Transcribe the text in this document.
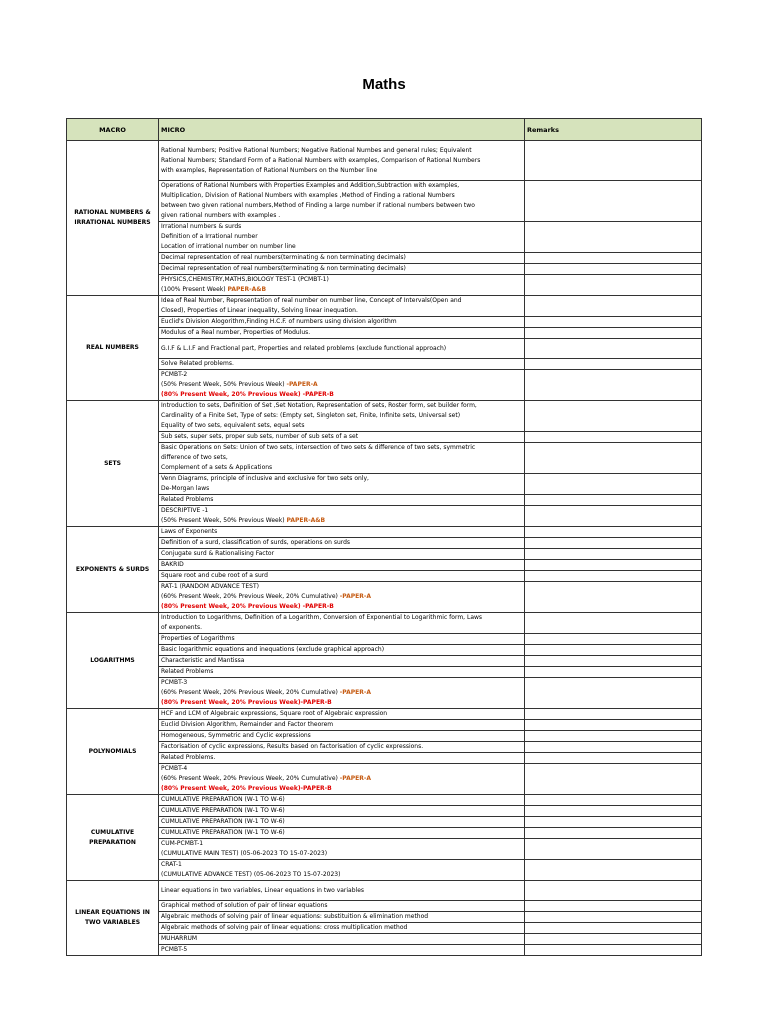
Maths
MACRO	MICRO	Remarks
RATIONAL NUMBERS & IRRATIONAL NUMBERS	Rational Numbers; Positive Rational Numbers; Negative Rational Numbes and general rules; Equivalent
Rational Numbers; Standard Form of a Rational Numbers with examples, Comparison of Rational Numbers
with examples, Representation of Rational Numbers on the Number line	

	Operations of Rational Numbers with Properties Examples and Addition,Subtraction with examples,
Multiplication, Division of Rational Numbers with examples ,Method of Finding a rational Numbers
between two given rational numbers,Method of Finding a large number if rational numbers between two
given rational numbers with examples .	

	Irrational numbers & surds
Definition of a Irrational number
Location of irrational number on number line	

	Decimal representation of real numbers(terminating & non terminating decimals)	

	Decimal representation of real numbers(terminating & non terminating decimals)	

	PHYSICS,CHEMISTRY,MATHS,BIOLOGY TEST-1 (PCMBT-1)
(100% Present Week) PAPER-A&B	

REAL NUMBERS	Idea of Real Number, Representation of real number on number line, Concept of Intervals(Open and
Closed), Properties of Linear inequality, Solving linear inequation.	

	Euclid's Division Alogorithm,Finding H.C.F. of numbers using division algorithm	

	Modulus of a Real number, Properties of Modulus.	

	G.I.F & L.I.F and Fractional part, Properties and related problems (exclude functional approach)	

	Solve Related problems.	

	PCMBT-2
(50% Present Week, 50% Previous Week) -PAPER-A
(80% Present Week, 20% Previous Week) -PAPER-B	

SETS	Introduction to sets, Definition of Set ,Set Notation, Representation of sets, Roster form, set builder form,
Cardinality of a Finite Set, Type of sets: (Empty set, Singleton set, Finite, Infinite sets, Universal set)
Equality of two sets, equivalent sets, equal sets	

	Sub sets, super sets, proper sub sets, number of sub sets of a set	

	Basic Operations on Sets: Union of two sets, intersection of two sets & difference of two sets, symmetric
difference of two sets,
Complement of a sets & Applications	

	Venn Diagrams, principle of inclusive and exclusive for two sets only,
De-Morgan laws	

	Related Problems	

	DESCRIPTIVE -1
(50% Present Week, 50% Previous Week) PAPER-A&B	

EXPONENTS & SURDS	Laws of Exponents	

	Definition of a surd, classification of surds, operations on surds	

	Conjugate surd & Rationalising Factor	

	BAKRID	

	Square root and cube root of a surd	

	RAT-1 (RANDOM ADVANCE TEST)
(60% Present Week, 20% Previous Week, 20% Cumulative) -PAPER-A
(80% Present Week, 20% Previous Week) -PAPER-B	

LOGARITHMS	Introduction to Logarithms, Definition of a Logarithm, Conversion of Exponential to Logarithmic form, Laws
of exponents.	

	Properties of Logarithms	

	Basic logarithmic equations and inequations (exclude graphical approach)	

	Characteristic and Mantissa	

	Related Problems	

	PCMBT-3
(60% Present Week, 20% Previous Week, 20% Cumulative) -PAPER-A
(80% Present Week, 20% Previous Week)-PAPER-B	

POLYNOMIALS	HCF and LCM of Algebraic expressions, Square root of Algebraic expression	

	Euclid Division Algorithm, Remainder and Factor theorem	

	Homogeneous, Symmetric and Cyclic expressions	

	Factorisation of cyclic expressions, Results based on factorisation of cyclic expressions.	

	Related Problems.	

	PCMBT-4
(60% Present Week, 20% Previous Week, 20% Cumulative) -PAPER-A
(80% Present Week, 20% Previous Week)-PAPER-B	

CUMULATIVE PREPARATION	CUMULATIVE PREPARATION (W-1 TO W-6)	

	CUMULATIVE PREPARATION (W-1 TO W-6)	

	CUMULATIVE PREPARATION (W-1 TO W-6)	

	CUMULATIVE PREPARATION (W-1 TO W-6)	

	CUM-PCMBT-1
(CUMULATIVE MAIN TEST) (05-06-2023 TO 15-07-2023)	

	CRAT-1
(CUMULATIVE ADVANCE TEST) (05-06-2023 TO 15-07-2023)	

LINEAR EQUATIONS IN TWO VARIABLES	Linear equations in two variables, Linear equations in two variables	

	Graphical method of solution of pair of linear equations	

	Algebraic methods of solving pair of linear equations: substituition & elimination method	

	Algebraic methods of solving pair of linear equations: cross multiplication method	

	MUHARRUM	

	PCMBT-5	
